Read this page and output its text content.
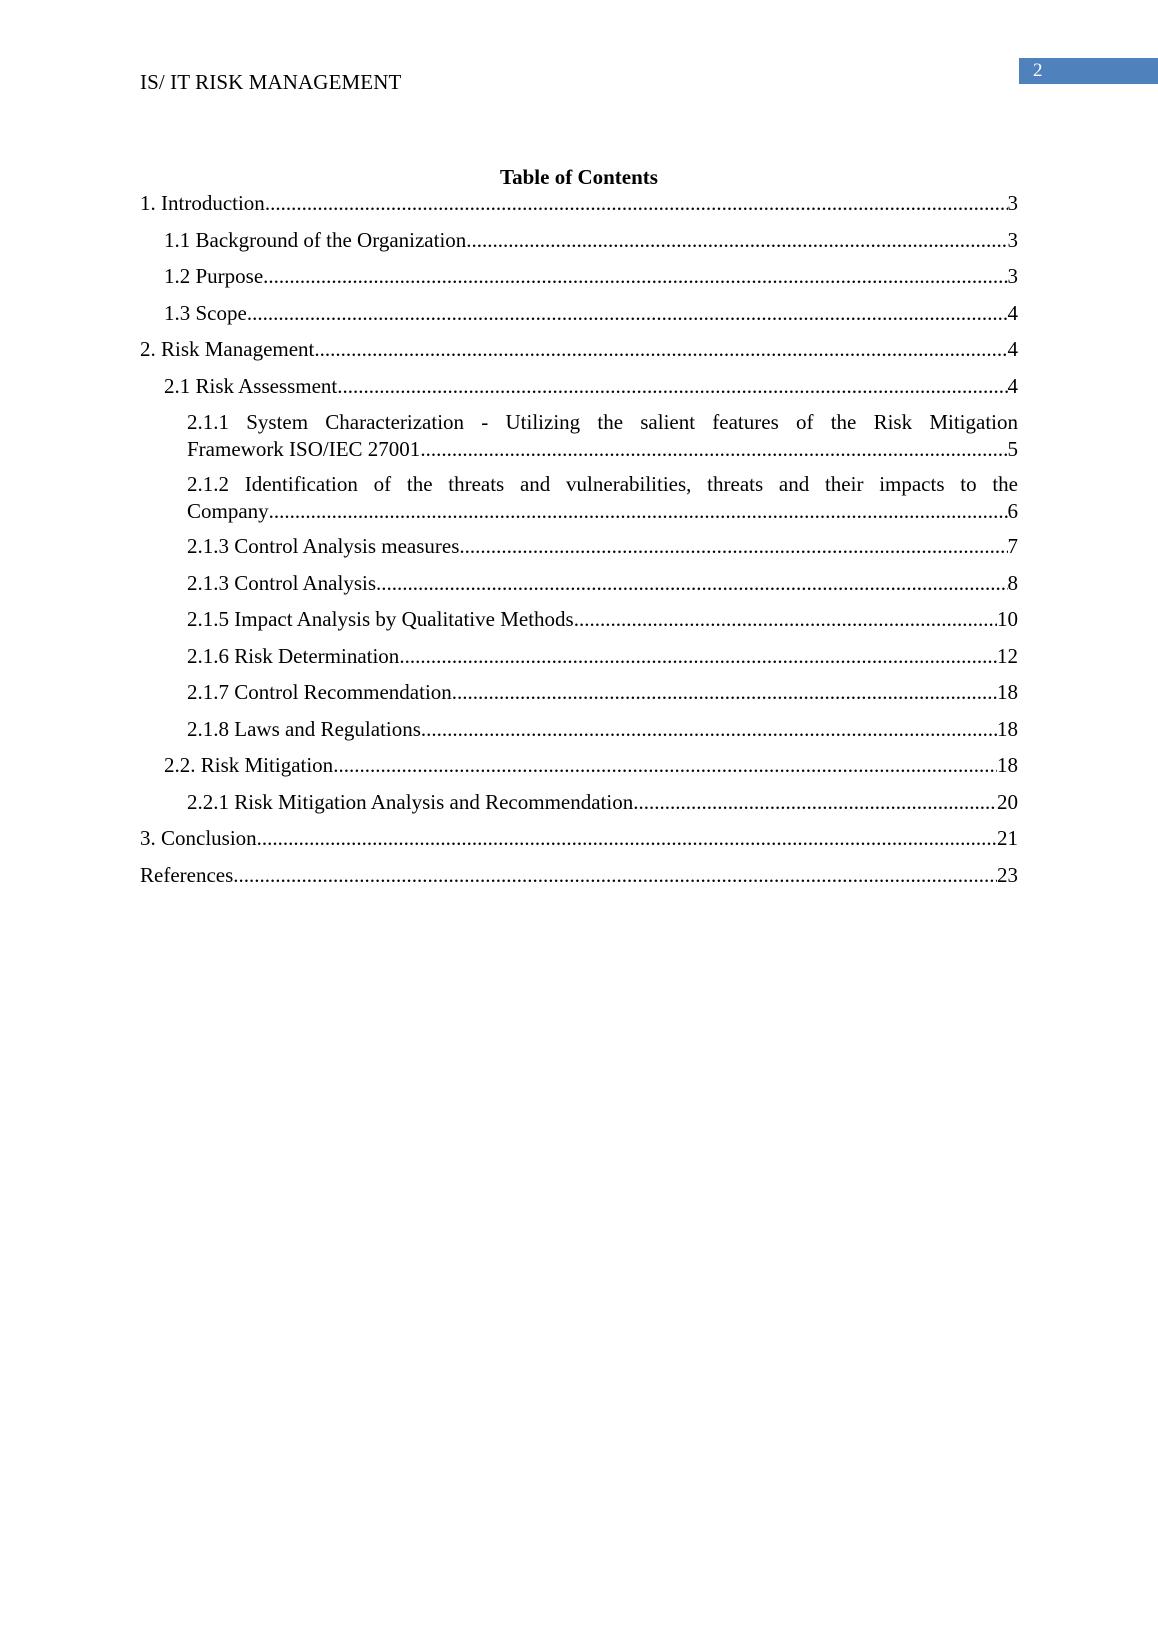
2
IS/ IT RISK MANAGEMENT
Table of Contents
1. Introduction .....	3
1.1 Background of the Organization .....	3
1.2 Purpose .....	3
1.3 Scope .....	4
2. Risk Management .....	4
2.1 Risk Assessment .....	4
2.1.1 System Characterization - Utilizing the salient features of the Risk Mitigation
Framework ISO/IEC 27001 .....	5
2.1.2 Identification of the threats and vulnerabilities, threats and their impacts to the
Company .....	6
2.1.3 Control Analysis measures .....	7
2.1.3 Control Analysis .....	8
2.1.5 Impact Analysis by Qualitative Methods .....	10
2.1.6 Risk Determination .....	12
2.1.7 Control Recommendation .....	18
2.1.8 Laws and Regulations .....	18
2.2. Risk Mitigation .....	18
2.2.1 Risk Mitigation Analysis and Recommendation .....	20
3. Conclusion .....	21
References .....	23
